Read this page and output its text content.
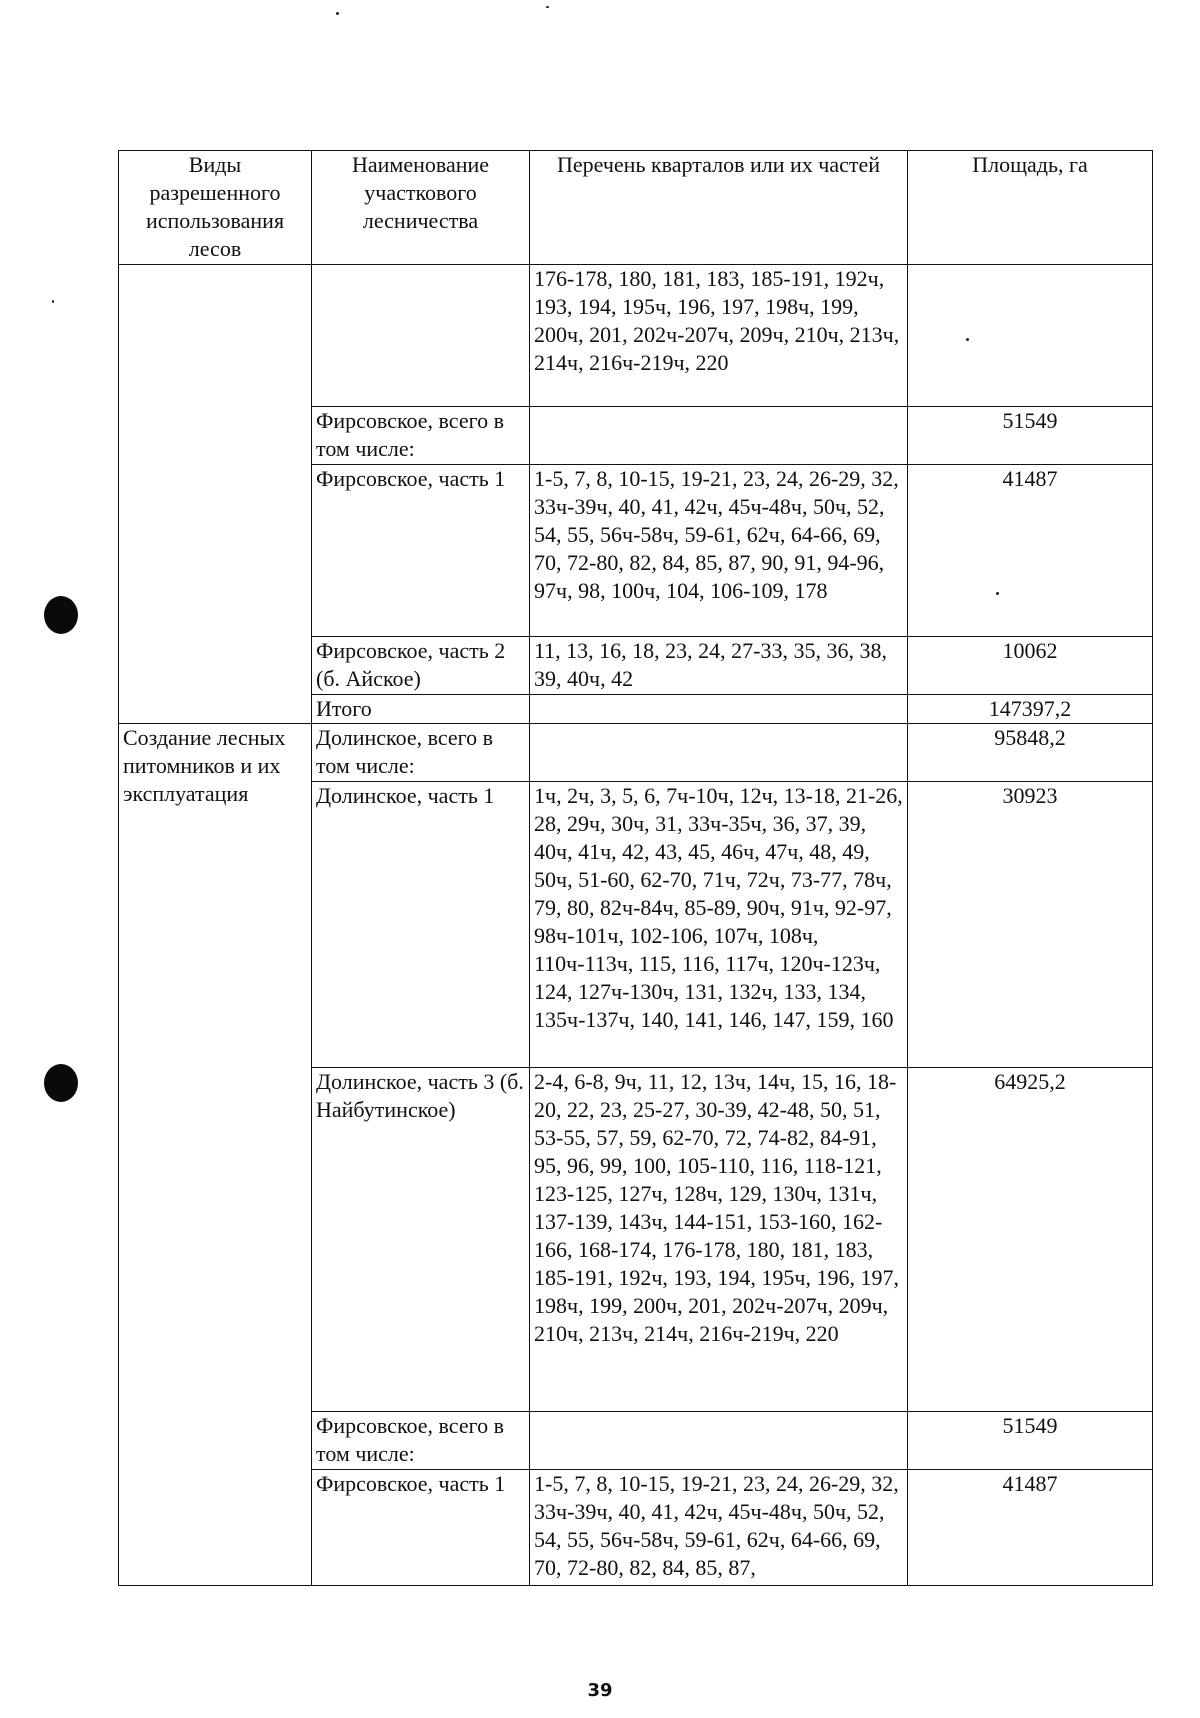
Виды разрешенного использования лесов	Наименование участкового лесничества	Перечень кварталов или их частей	Площадь, га
		176-178, 180, 181, 183, 185-191, 192ч, 193, 194, 195ч, 196, 197, 198ч, 199, 200ч, 201, 202ч-207ч, 209ч, 210ч, 213ч, 214ч, 216ч-219ч, 220	
	Фирсовское, всего в том числе:		51549
	Фирсовское, часть 1	1-5, 7, 8, 10-15, 19-21, 23, 24, 26-29, 32, 33ч-39ч, 40, 41, 42ч, 45ч-48ч, 50ч, 52, 54, 55, 56ч-58ч, 59-61, 62ч, 64-66, 69, 70, 72-80, 82, 84, 85, 87, 90, 91, 94-96, 97ч, 98, 100ч, 104, 106-109, 178	41487
	Фирсовское, часть 2 (б. Айское)	11, 13, 16, 18, 23, 24, 27-33, 35, 36, 38, 39, 40ч, 42	10062
	Итого		147397,2
Создание лесных питомников и их эксплуатация	Долинское, всего в том числе:		95848,2
	Долинское, часть 1	1ч, 2ч, 3, 5, 6, 7ч-10ч, 12ч, 13-18, 21-26, 28, 29ч, 30ч, 31, 33ч-35ч, 36, 37, 39, 40ч, 41ч, 42, 43, 45, 46ч, 47ч, 48, 49, 50ч, 51-60, 62-70, 71ч, 72ч, 73-77, 78ч, 79, 80, 82ч-84ч, 85-89, 90ч, 91ч, 92-97, 98ч-101ч, 102-106, 107ч, 108ч, 110ч-113ч, 115, 116, 117ч, 120ч-123ч, 124, 127ч-130ч, 131, 132ч, 133, 134, 135ч-137ч, 140, 141, 146, 147, 159, 160	30923
	Долинское, часть 3 (б. Найбутинское)	2-4, 6-8, 9ч, 11, 12, 13ч, 14ч, 15, 16, 18-20, 22, 23, 25-27, 30-39, 42-48, 50, 51, 53-55, 57, 59, 62-70, 72, 74-82, 84-91, 95, 96, 99, 100, 105-110, 116, 118-121, 123-125, 127ч, 128ч, 129, 130ч, 131ч, 137-139, 143ч, 144-151, 153-160, 162-166, 168-174, 176-178, 180, 181, 183, 185-191, 192ч, 193, 194, 195ч, 196, 197, 198ч, 199, 200ч, 201, 202ч-207ч, 209ч, 210ч, 213ч, 214ч, 216ч-219ч, 220	64925,2
	Фирсовское, всего в том числе:		51549
	Фирсовское, часть 1	1-5, 7, 8, 10-15, 19-21, 23, 24, 26-29, 32, 33ч-39ч, 40, 41, 42ч, 45ч-48ч, 50ч, 52, 54, 55, 56ч-58ч, 59-61, 62ч, 64-66, 69, 70, 72-80, 82, 84, 85, 87,	41487
39
